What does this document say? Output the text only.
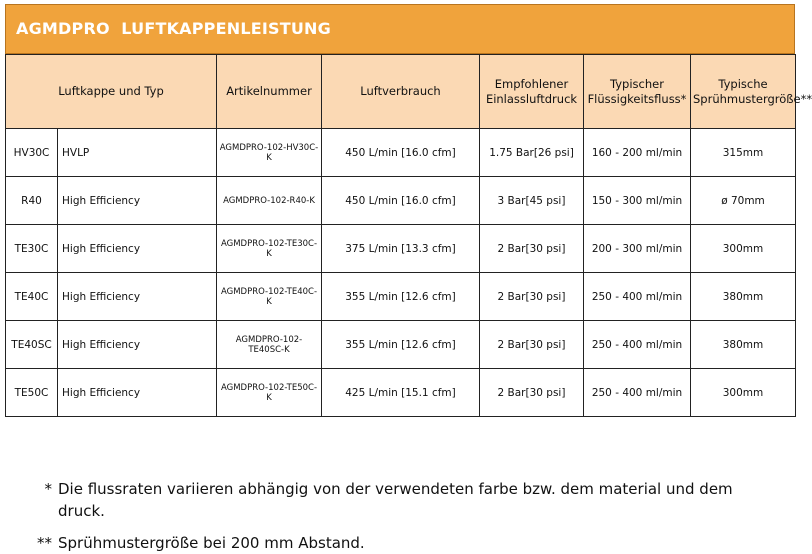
AGMDPRO  LUFTKAPPENLEISTUNG
Luftkappe und Typ		Artikelnummer	Luftverbrauch	Empfohlener Einlassluftdruck	Typischer Flüssigkeitsfluss*	Typische Sprühmustergröße**
HV30C	HVLP	AGMDPRO-102-HV30C-K	450 L/min [16.0 cfm]	1.75 Bar[26 psi]	160 - 200 ml/min	315mm
R40	High Efficiency	AGMDPRO-102-R40-K	450 L/min [16.0 cfm]	3 Bar[45 psi]	150 - 300 ml/min	ø 70mm
TE30C	High Efficiency	AGMDPRO-102-TE30C-K	375 L/min [13.3 cfm]	2 Bar[30 psi]	200 - 300 ml/min	300mm
TE40C	High Efficiency	AGMDPRO-102-TE40C-K	355 L/min [12.6 cfm]	2 Bar[30 psi]	250 - 400 ml/min	380mm
TE40SC	High Efficiency	AGMDPRO-102-TE40SC-K	355 L/min [12.6 cfm]	2 Bar[30 psi]	250 - 400 ml/min	380mm
TE50C	High Efficiency	AGMDPRO-102-TE50C-K	425 L/min [15.1 cfm]	2 Bar[30 psi]	250 - 400 ml/min	300mm
* Die flussraten variieren abhängig von der verwendeten farbe bzw. dem material und dem druck.
** Sprühmustergröße bei 200 mm Abstand.
